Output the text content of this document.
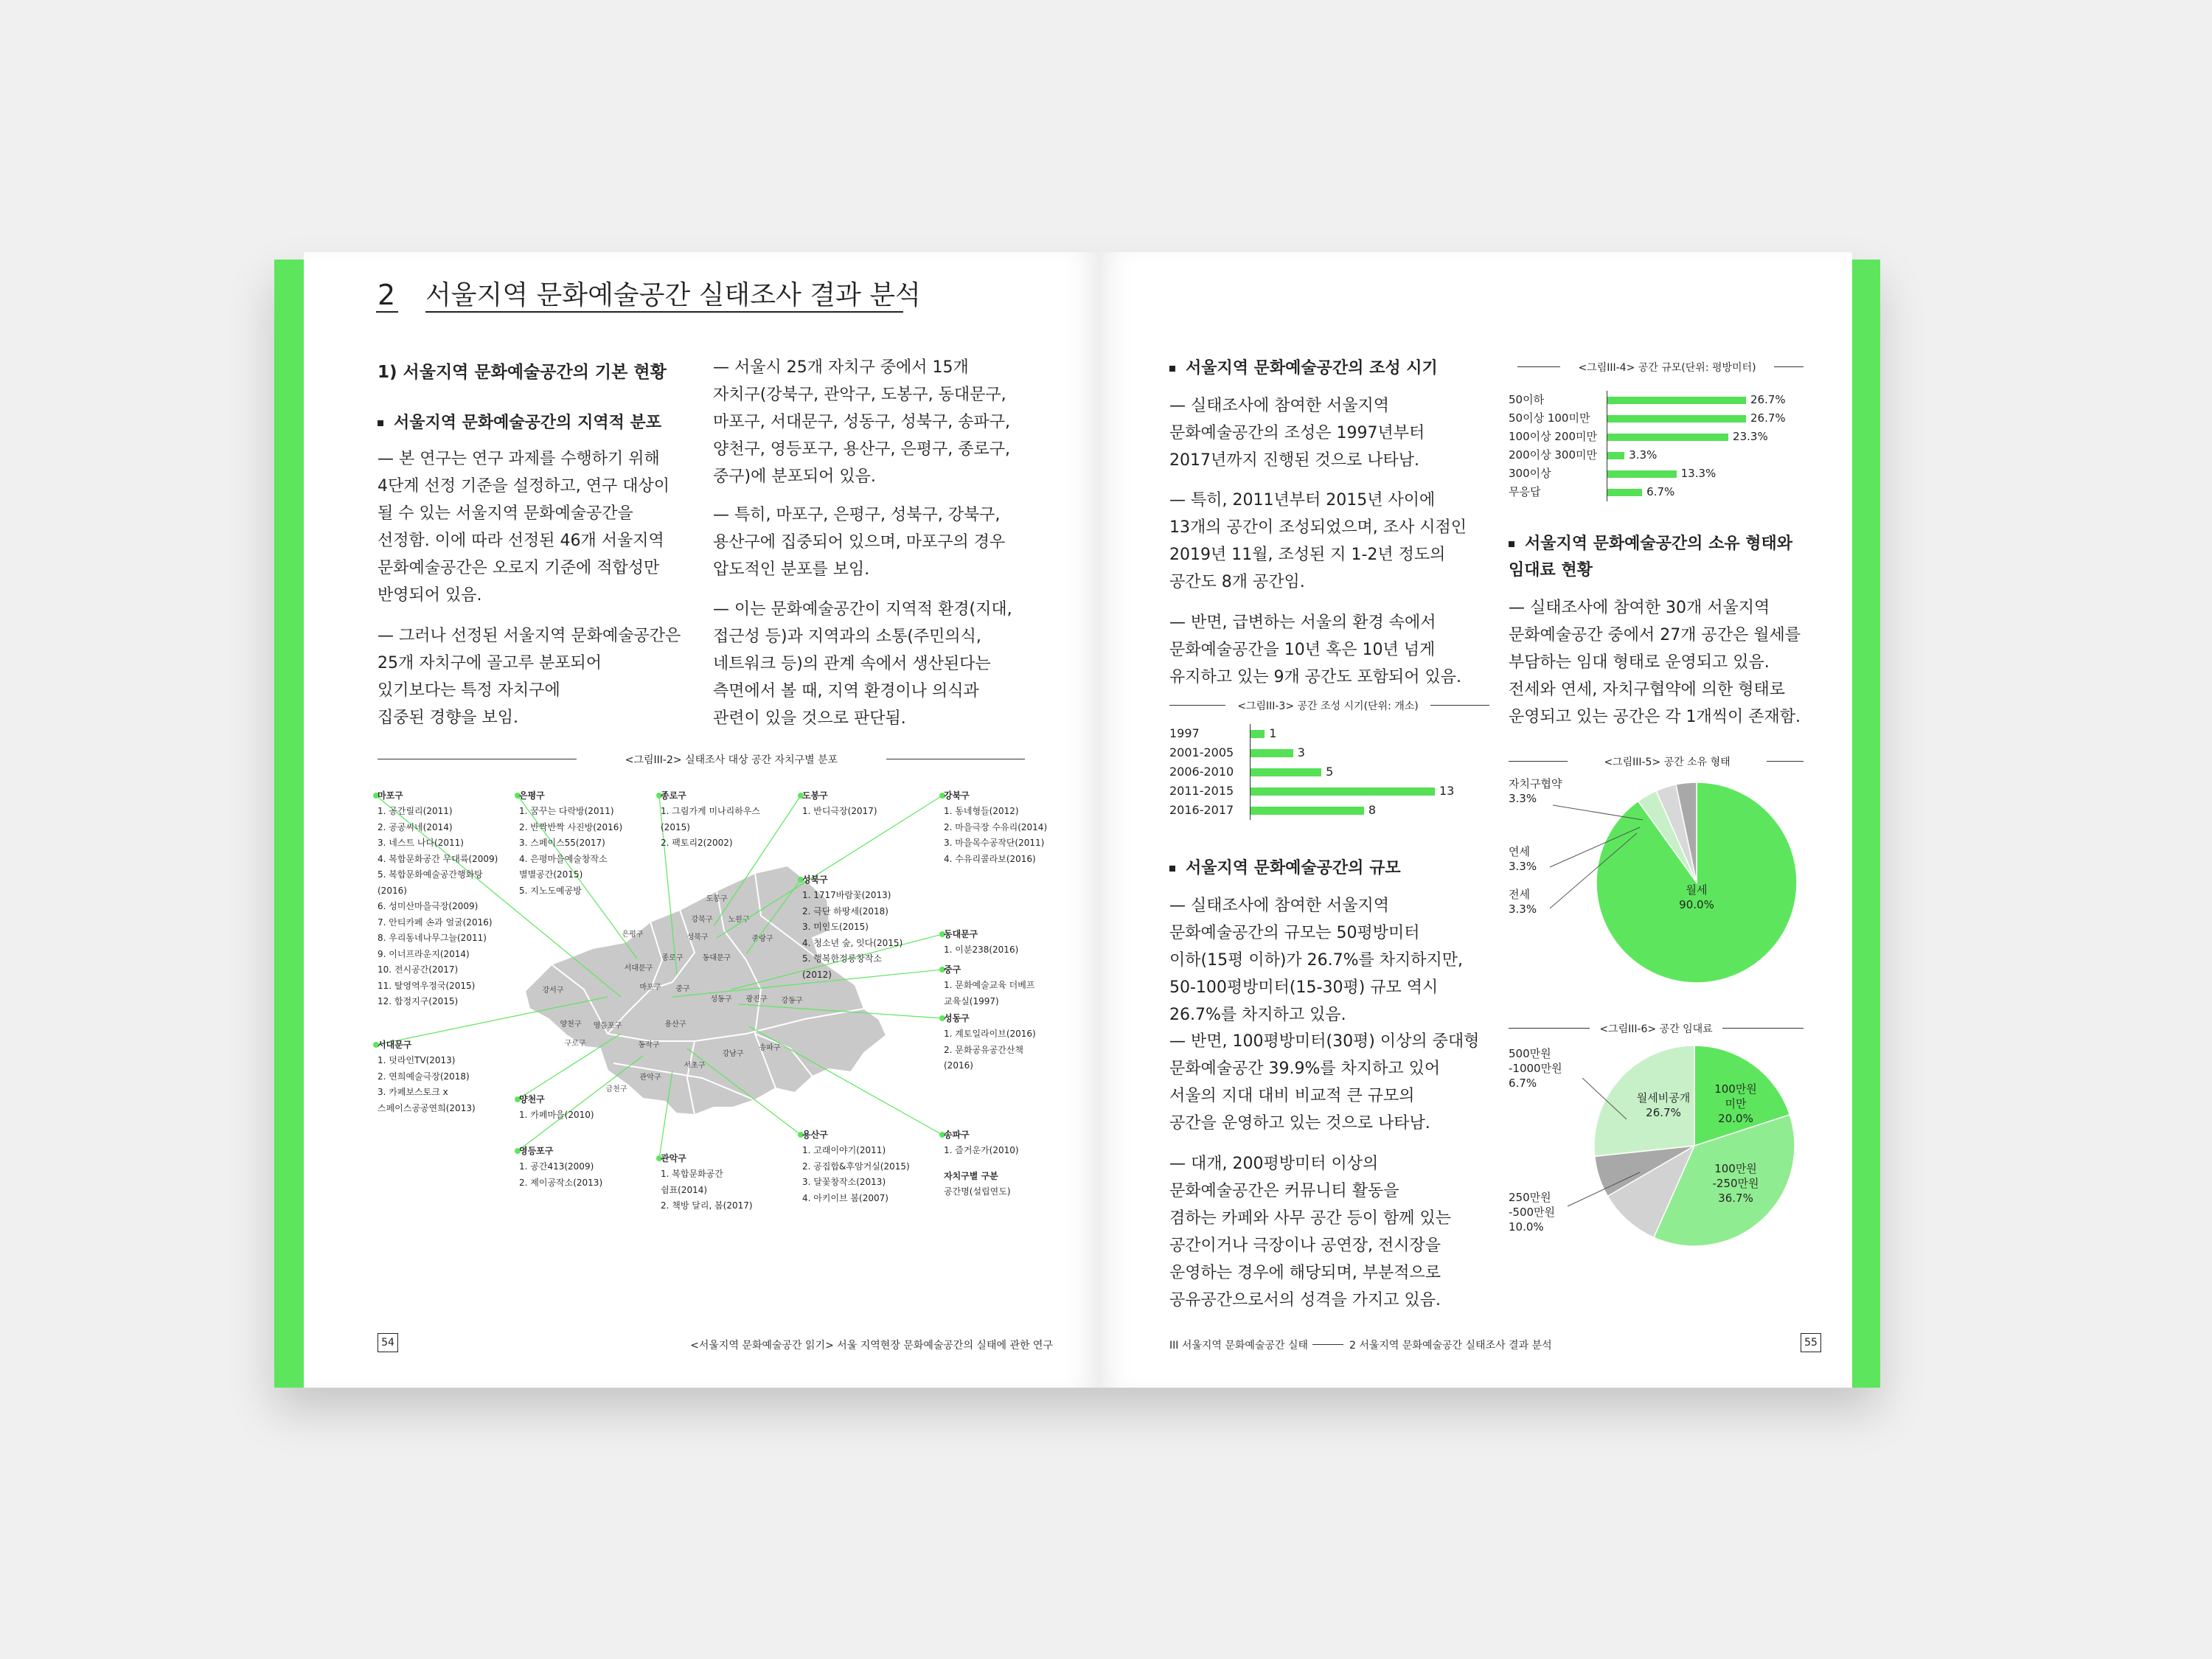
2 서울지역 문화예술공간 실태조사 결과 분석
1) 서울지역 문화예술공간의 기본 현황
서울지역 문화예술공간의 지역적 분포
— 본 연구는 연구 과제를 수행하기 위해
4단계 선정 기준을 설정하고, 연구 대상이
될 수 있는 서울지역 문화예술공간을
선정함. 이에 따라 선정된 46개 서울지역
문화예술공간은 오로지 기준에 적합성만
반영되어 있음.
— 그러나 선정된 서울지역 문화예술공간은
25개 자치구에 골고루 분포되어
있기보다는 특정 자치구에
집중된 경향을 보임.
— 서울시 25개 자치구 중에서 15개
자치구(강북구, 관악구, 도봉구, 동대문구,
마포구, 서대문구, 성동구, 성북구, 송파구,
양천구, 영등포구, 용산구, 은평구, 종로구,
중구)에 분포되어 있음.
— 특히, 마포구, 은평구, 성북구, 강북구,
용산구에 집중되어 있으며, 마포구의 경우
압도적인 분포를 보임.
— 이는 문화예술공간이 지역적 환경(지대,
접근성 등)과 지역과의 소통(주민의식,
네트워크 등)의 관계 속에서 생산된다는
측면에서 볼 때, 지역 환경이나 의식과
관련이 있을 것으로 판단됨.
<그림III-2> 실태조사 대상 공간 자치구별 분포
도봉구
강북구 노원구
은평구	성북구	중랑구
종로구	동대문구
서대문구
마포구
강서구	중구
성동구 광진구 강동구
용산구
양천구 영등포구
동작구
구로구
서초구
강남구
송파구
관악구
금천구
마포구
1. 공간릴리(2011)
2. 공공씨네(2014)
3. 네스트 나다(2011)
4. 복합문화공간 무대륙(2009)
5. 복합문화예술공간행화탕
(2016)
6. 성미산마을극장(2009)
7. 안티카페 손과 얼굴(2016)
8. 우리동네나무그늘(2011)
9. 이너프라운지(2014)
10. 전시공간(2017)
11. 탈영역우정국(2015)
12. 합정지구(2015)
은평구
1. 꿈꾸는 다락방(2011)
2. 반짝반짝 사진방(2016)
3. 스페이스55(2017)
4. 은평마을예술창작소
별별공간(2015)
5. 지노도예공방
종로구
1. 그림가게 미나리하우스
(2015)
2. 팩토리2(2002)
도봉구
1. 반디극장(2017)
강북구
1. 동네형들(2012)
2. 마을극장 수유리(2014)
3. 마을목수공작단(2011)
4. 수유리콜라보(2016)
성북구
1. 1717바람꽃(2013)
2. 극단 하땅세(2018)
3. 미인도(2015)
4. 청소년 숲, 잇다(2015)
5. 행복한정릉창작소
(2012)
동대문구
1. 이분238(2016)
중구
1. 문화예술교육 더베프
교육실(1997)
성동구
1. 계토일라이브(2016)
2. 문화공유공간산책
(2016)
서대문구
1. 덧라인TV(2013)
2. 연희예술극장(2018)
3. 카페보스토크 x
스페이스공공연희(2013)
양천구
1. 카페마을(2010)
영등포구
1. 공간413(2009)
2. 제이공작소(2013)
관악구
1. 복합문화공간
쉼표(2014)
2. 책방 달리, 봄(2017)
용산구
1. 고래이야기(2011)
2. 공집합&후암거실(2015)
3. 달꽃창작소(2013)
4. 아키이브 봄(2007)
송파구
1. 즐거운가(2010)
자치구별 구분
공간명(설립연도)
54	<서울지역 문화예술공간 읽기> 서울 지역현장 문화예술공간의 실태에 관한 연구
서울지역 문화예술공간의 조성 시기
— 실태조사에 참여한 서울지역
문화예술공간의 조성은 1997년부터
2017년까지 진행된 것으로 나타남.
— 특히, 2011년부터 2015년 사이에
13개의 공간이 조성되었으며, 조사 시점인
2019년 11월, 조성된 지 1-2년 정도의
공간도 8개 공간임.
— 반면, 급변하는 서울의 환경 속에서
문화예술공간을 10년 혹은 10년 넘게
유지하고 있는 9개 공간도 포함되어 있음.
<그림III-3> 공간 조성 시기(단위: 개소)
1997	1
2001-2005	3
2006-2010	5
2011-2015	13
2016-2017	8
서울지역 문화예술공간의 규모
— 실태조사에 참여한 서울지역
문화예술공간의 규모는 50평방미터
이하(15평 이하)가 26.7%를 차지하지만,
50-100평방미터(15-30평) 규모 역시
26.7%를 차지하고 있음.
— 반면, 100평방미터(30평) 이상의 중대형
문화예술공간 39.9%를 차지하고 있어
서울의 지대 대비 비교적 큰 규모의
공간을 운영하고 있는 것으로 나타남.
— 대개, 200평방미터 이상의
문화예술공간은 커뮤니티 활동을
겸하는 카페와 사무 공간 등이 함께 있는
공간이거나 극장이나 공연장, 전시장을
운영하는 경우에 해당되며, 부분적으로
공유공간으로서의 성격을 가지고 있음.
<그림III-4> 공간 규모(단위: 평방미터)
50이하	26.7%
50이상 100미만	26.7%
100이상 200미만	23.3%
200이상 300미만	3.3%
300이상	13.3%
무응답	6.7%
서울지역 문화예술공간의 소유 형태와
임대료 현황
— 실태조사에 참여한 30개 서울지역
문화예술공간 중에서 27개 공간은 월세를
부담하는 임대 형태로 운영되고 있음.
전세와 연세, 자치구협약에 의한 형태로
운영되고 있는 공간은 각 1개씩이 존재함.
<그림III-5> 공간 소유 형태
월세 90.0%
자치구협약 3.3%
연세 3.3%
전세 3.3%
<그림III-6> 공간 임대료
100만원 미만 20.0%
100만원 -250만원 36.7%
250만원 -500만원 10.0%
500만원 -1000만원 6.7%
월세비공개 26.7%
III 서울지역 문화예술공간 실태	2 서울지역 문화예술공간 실태조사 결과 분석	55
